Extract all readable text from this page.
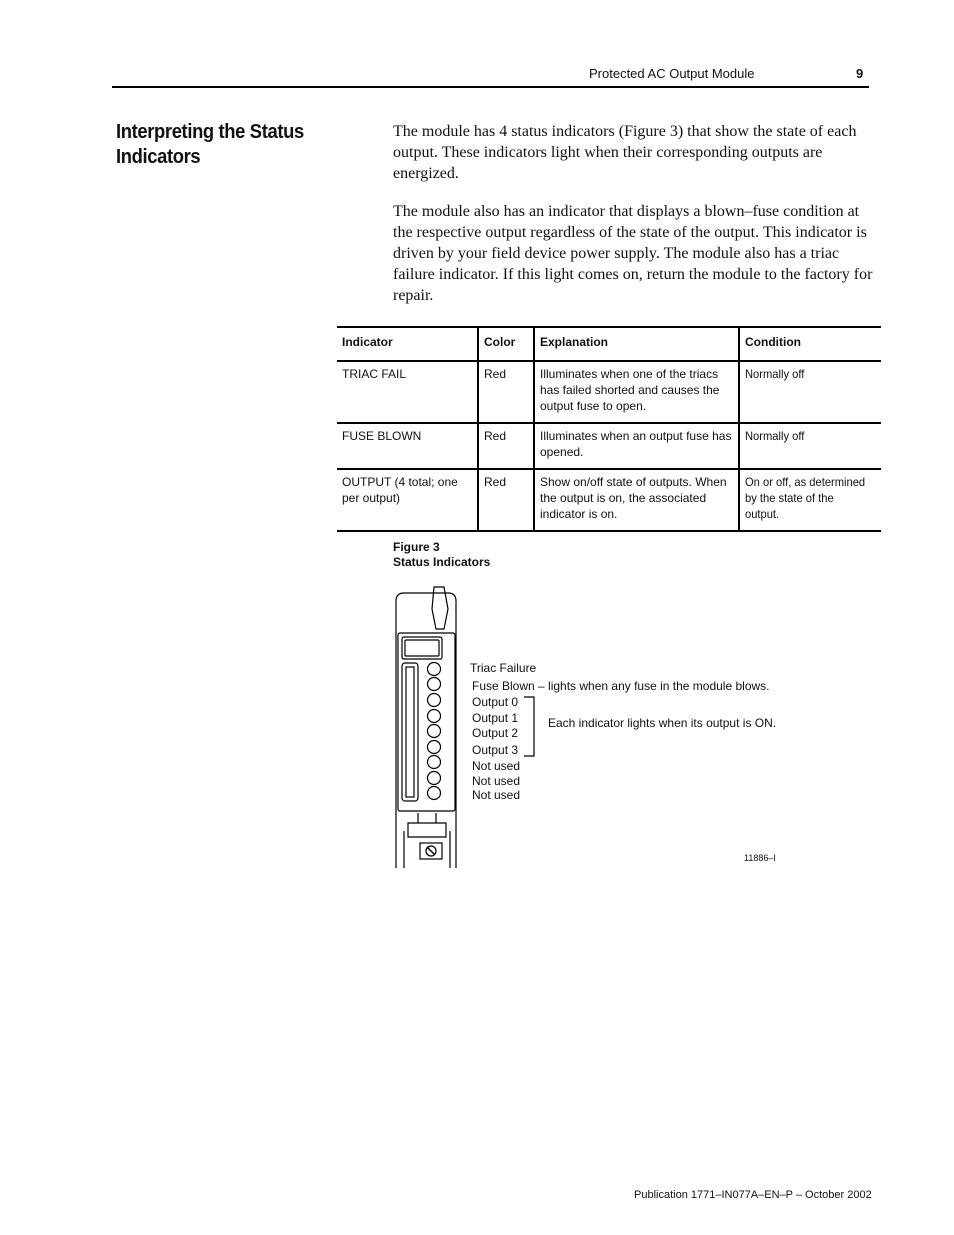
Protected AC Output Module	9
Interpreting the Status Indicators
The module has 4 status indicators (Figure 3) that show the state of each output. These indicators light when their corresponding outputs are energized.
The module also has an indicator that displays a blown–fuse condition at the respective output regardless of the state of the output. This indicator is driven by your field device power supply. The module also has a triac failure indicator. If this light comes on, return the module to the factory for repair.
Indicator	Color	Explanation	Condition
TRIAC FAIL	Red	Illuminates when one of the triacs has failed shorted and causes the output fuse to open.	Normally off

FUSE BLOWN	Red	Illuminates when an output fuse has opened.	Normally off

OUTPUT (4 total; one per output)	Red	Show on/off state of outputs. When the output is on, the associated indicator is on.	On or off, as determined by the state of the output.
Figure 3
Status Indicators
Triac Failure
Fuse Blown – lights when any fuse in the module blows.
Output 0
Output 1
Output 2
Output 3
Not used
Not used
Not used
Each indicator lights when its output is ON.
11886–I
Publication 1771–IN077A–EN–P – October 2002
